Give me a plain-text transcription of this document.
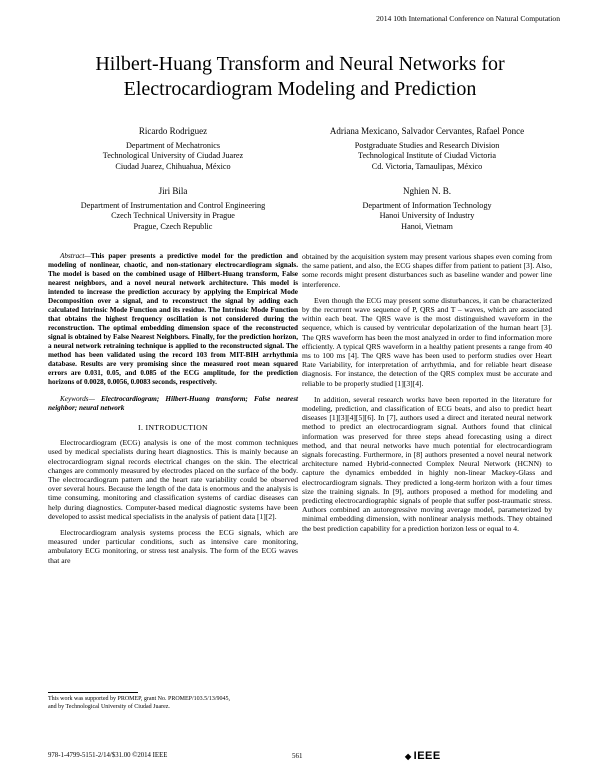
2014 10th International Conference on Natural Computation
Hilbert-Huang Transform and Neural Networks for
Electrocardiogram Modeling and Prediction
Ricardo Rodriguez
Department of Mechatronics
Technological University of Ciudad Juarez
Ciudad Juarez, Chihuahua, México
Adriana Mexicano, Salvador Cervantes, Rafael Ponce
Postgraduate Studies and Research Division
Technological Institute of Ciudad Victoria
Cd. Victoria, Tamaulipas, México
Jiri Bila
Department of Instrumentation and Control Engineering
Czech Technical University in Prague
Prague, Czech Republic
Nghien N. B.
Department of Information Technology
Hanoi University of Industry
Hanoi, Vietnam

Abstract—This paper presents a predictive model for the prediction and modeling of nonlinear, chaotic, and non-stationary electrocardiogram signals. The model is based on the combined usage of Hilbert-Huang transform, False nearest neighbors, and a novel neural network architecture. This model is intended to increase the prediction accuracy by applying the Empirical Mode Decomposition over a signal, and to reconstruct the signal by adding each calculated Intrinsic Mode Function and its residue. The Intrinsic Mode Function that obtains the highest frequency oscillation is not considered during the reconstruction. The optimal embedding dimension space of the reconstructed signal is obtained by False Nearest Neighbors. Finally, for the prediction horizon, a neural network retraining technique is applied to the reconstructed signal. The method has been validated using the record 103 from MIT-BIH arrhythmia database. Results are very promising since the measured root mean squared errors are 0.031, 0.05, and 0.085 of the ECG amplitude, for the prediction horizons of 0.0028, 0.0056, 0.0083 seconds, respectively.

Keywords— Electrocardiogram; Hilbert-Huang transform; False nearest neighbor; neural network

I. INTRODUCTION

Electrocardiogram (ECG) analysis is one of the most common techniques used by medical specialists during heart diagnostics. This is mainly because an electrocardiogram signal records electrical changes on the skin. The electrical changes are commonly measured by electrodes placed on the surface of the body. The electrocardiogram pattern and the heart rate variability could be observed over several hours. Because the length of the data is enormous and the analysis is time consuming, monitoring and classification systems of cardiac diseases can help during diagnostics. Computer-based medical diagnostic systems have been developed to assist medical specialists in the analysis of patient data [1][2].

Electrocardiogram analysis systems process the ECG signals, which are measured under particular conditions, such as intensive care monitoring, ambulatory ECG monitoring, or stress test analysis. The form of the ECG waves that are

obtained by the acquisition system may present various shapes even coming from the same patient, and also, the ECG shapes differ from patient to patient [3]. Also, some records might present disturbances such as baseline wander and power line interference.

Even though the ECG may present some disturbances, it can be characterized by the recurrent wave sequence of P, QRS and T – waves, which are associated within each beat. The QRS wave is the most distinguished waveform in the sequence, which is caused by ventricular depolarization of the human heart [3]. The QRS waveform has been the most analyzed in order to find information more efficiently. A typical QRS waveform in a healthy patient presents a range from 40 ms to 100 ms [4]. The QRS wave has been used to perform studies over Heart Rate Variability, for interpretation of arrhythmia, and for reliable heart disease diagnosis. For instance, the detection of the QRS complex must be accurate and reliable to be properly studied [1][3][4].

In addition, several research works have been reported in the literature for modeling, prediction, and classification of ECG beats, and also to predict heart diseases [1][3][4][5][6]. In [7], authors used a direct and iterated neural network method to predict an electrocardiogram signal. Authors found that clinical information was preserved for three steps ahead forecasting using a direct method, and that neural networks have much potential for electrocardiogram signals forecasting. Furthermore, in [8] authors presented a novel neural network architecture named Hybrid-connected Complex Neural Network (HCNN) to capture the dynamics embedded in highly non-linear Mackey-Glass and electrocardiogram signals. They predicted a long-term horizon with a four times size the training signals. In [9], authors proposed a method for modeling and predicting electrocardiographic signals of people that suffer post-traumatic stress. Authors combined an autoregressive moving average model, parameterized by minimal embedding dimension, with nonlinear analysis methods. They obtained the best prediction capability for a prediction horizon less or equal to 4.

This work was supported by PROMEP, grant No. PROMEP/103.5/13/9045,
and by Technological University of Ciudad Juarez.
978-1-4799-5151-2/14/$31.00 ©2014 IEEE	561	◆ IEEE
